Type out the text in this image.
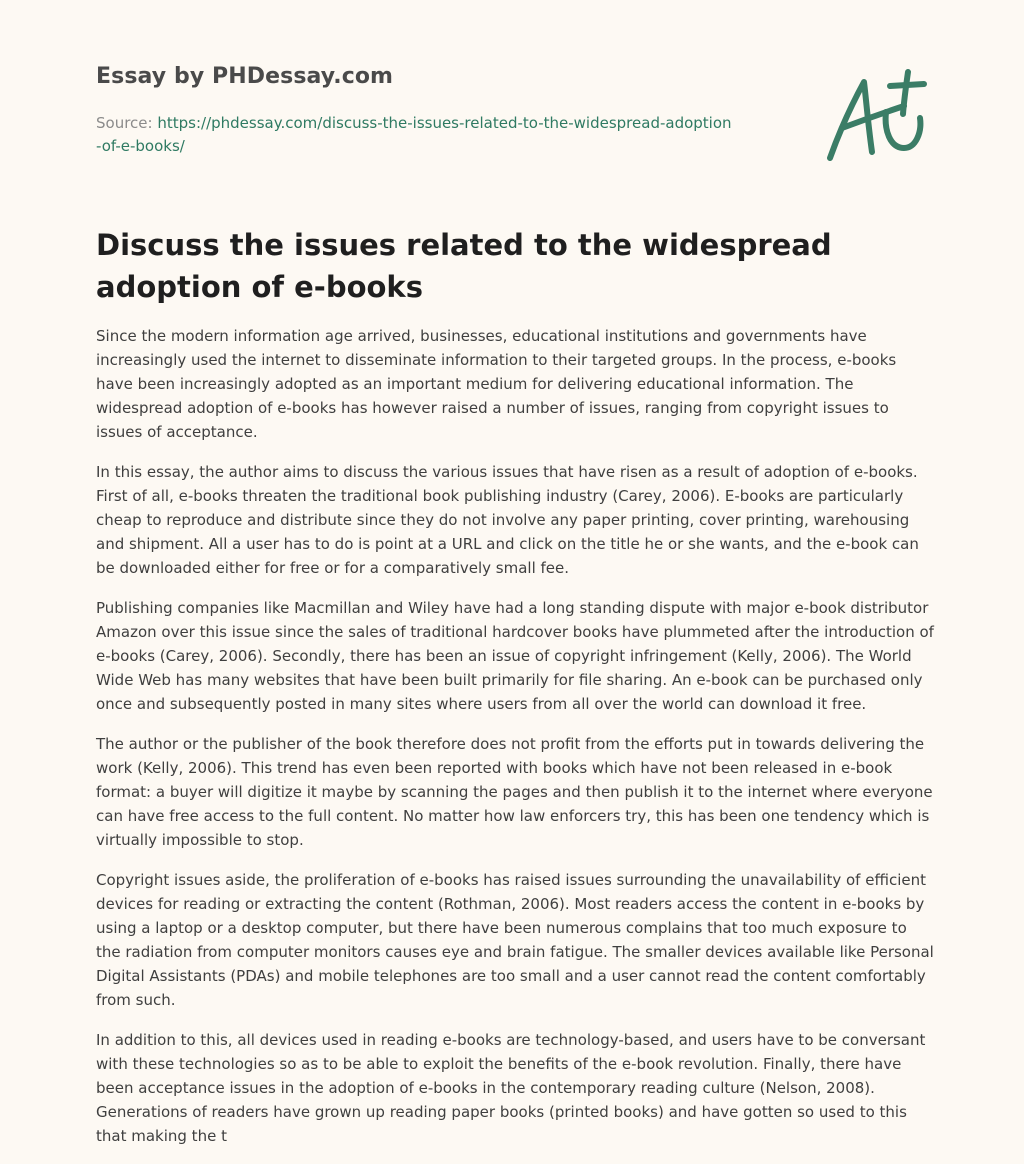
Essay by PHDessay.com

Source: https://phdessay.com/discuss-the-issues-related-to-the-widespread-adoption-of-e-books/

Discuss the issues related to the widespread adoption of e-books

Since the modern information age arrived, businesses, educational institutions and governments have increasingly used the internet to disseminate information to their targeted groups. In the process, e-books have been increasingly adopted as an important medium for delivering educational information. The widespread adoption of e-books has however raised a number of issues, ranging from copyright issues to issues of acceptance.

In this essay, the author aims to discuss the various issues that have risen as a result of adoption of e-books. First of all, e-books threaten the traditional book publishing industry (Carey, 2006). E-books are particularly cheap to reproduce and distribute since they do not involve any paper printing, cover printing, warehousing and shipment. All a user has to do is point at a URL and click on the title he or she wants, and the e-book can be downloaded either for free or for a comparatively small fee.

Publishing companies like Macmillan and Wiley have had a long standing dispute with major e-book distributor Amazon over this issue since the sales of traditional hardcover books have plummeted after the introduction of e-books (Carey, 2006). Secondly, there has been an issue of copyright infringement (Kelly, 2006). The World Wide Web has many websites that have been built primarily for file sharing. An e-book can be purchased only once and subsequently posted in many sites where users from all over the world can download it free.

The author or the publisher of the book therefore does not profit from the efforts put in towards delivering the work (Kelly, 2006). This trend has even been reported with books which have not been released in e-book format: a buyer will digitize it maybe by scanning the pages and then publish it to the internet where everyone can have free access to the full content. No matter how law enforcers try, this has been one tendency which is virtually impossible to stop.

Copyright issues aside, the proliferation of e-books has raised issues surrounding the unavailability of efficient devices for reading or extracting the content (Rothman, 2006). Most readers access the content in e-books by using a laptop or a desktop computer, but there have been numerous complains that too much exposure to the radiation from computer monitors causes eye and brain fatigue. The smaller devices available like Personal Digital Assistants (PDAs) and mobile telephones are too small and a user cannot read the content comfortably from such.

In addition to this, all devices used in reading e-books are technology-based, and users have to be conversant with these technologies so as to be able to exploit the benefits of the e-book revolution. Finally, there have been acceptance issues in the adoption of e-books in the contemporary reading culture (Nelson, 2008). Generations of readers have grown up reading paper books (printed books) and have gotten so used to this that making the t
